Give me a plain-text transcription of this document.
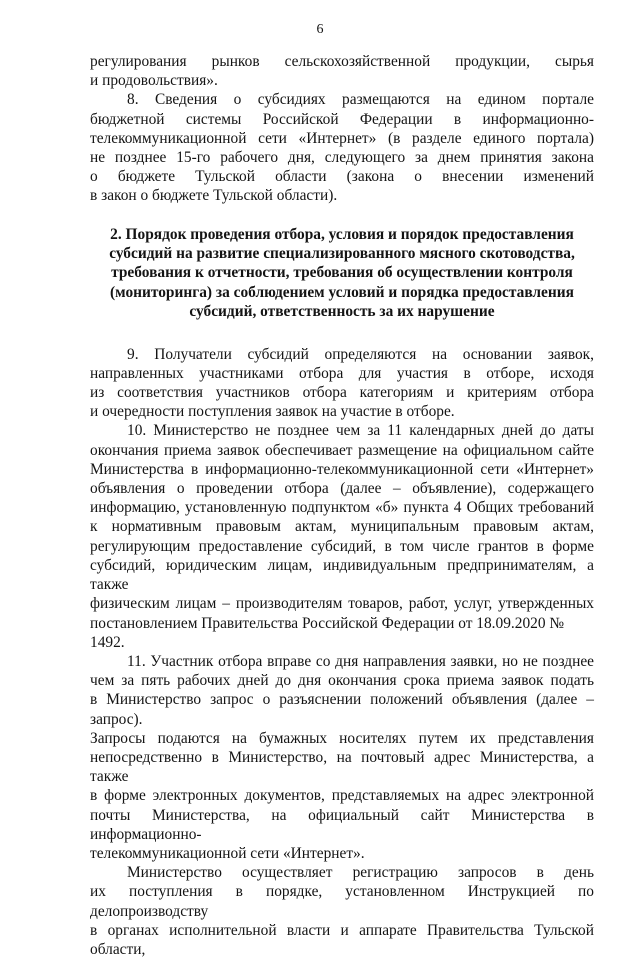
6

регулирования рынков сельскохозяйственной продукции, сырья

и продовольствия».

8. Сведения о субсидиях размещаются на едином портале

бюджетной системы Российской Федерации в информационно-

телекоммуникационной сети «Интернет» (в разделе единого портала)

не позднее 15-го рабочего дня, следующего за днем принятия закона

о бюджете Тульской области (закона о внесении изменений

в закон о бюджете Тульской области).

2. Порядок проведения отбора, условия и порядок предоставления
субсидий на развитие специализированного мясного скотоводства,
требования к отчетности, требования об осуществлении контроля
(мониторинга) за соблюдением условий и порядка предоставления
субсидий, ответственность за их нарушение

9. Получатели субсидий определяются на основании заявок,

направленных участниками отбора для участия в отборе, исходя

из соответствия участников отбора категориям и критериям отбора

и очередности поступления заявок на участие в отборе.

10. Министерство не позднее чем за 11 календарных дней до даты

окончания приема заявок обеспечивает размещение на официальном сайте

Министерства в информационно-телекоммуникационной сети «Интернет»

объявления о проведении отбора (далее – объявление), содержащего

информацию, установленную подпунктом «б» пункта 4 Общих требований

к нормативным правовым актам, муниципальным правовым актам,

регулирующим предоставление субсидий, в том числе грантов в форме

субсидий, юридическим лицам, индивидуальным предпринимателям, а также

физическим лицам – производителям товаров, работ, услуг, утвержденных

постановлением Правительства Российской Федерации от 18.09.2020 № 1492.

11. Участник отбора вправе со дня направления заявки, но не позднее

чем за пять рабочих дней до дня окончания срока приема заявок подать

в Министерство запрос о разъяснении положений объявления (далее – запрос).

Запросы подаются на бумажных носителях путем их представления

непосредственно в Министерство, на почтовый адрес Министерства, а также

в форме электронных документов, представляемых на адрес электронной

почты Министерства, на официальный сайт Министерства в информационно-

телекоммуникационной сети «Интернет».

Министерство осуществляет регистрацию запросов в день

их поступления в порядке, установленном Инструкцией по делопроизводству

в органах исполнительной власти и аппарате Правительства Тульской области,
